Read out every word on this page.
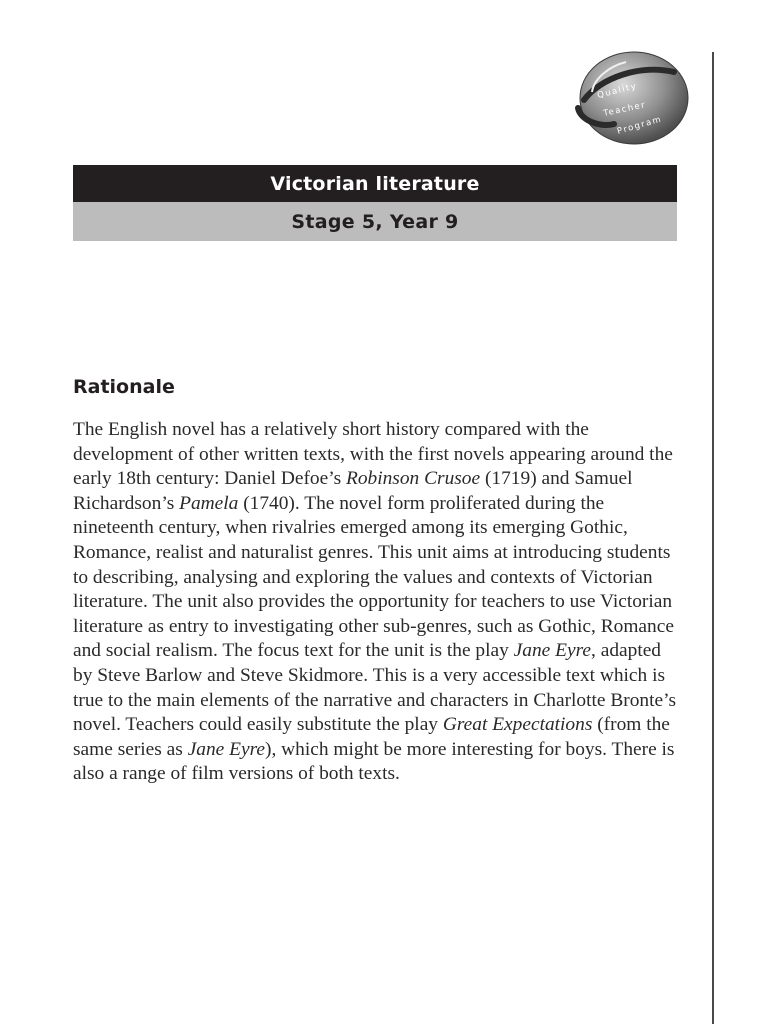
Quality
Teacher
Program
Victorian literature
Stage 5, Year 9
Rationale

The English novel has a relatively short history compared with the development of other written texts, with the first novels appearing around the early 18th century: Daniel Defoe’s Robinson Crusoe (1719) and Samuel Richardson’s Pamela (1740). The novel form proliferated during the nineteenth century, when rivalries emerged among its emerging Gothic, Romance, realist and naturalist genres. This unit aims at introducing students to describing, analysing and exploring the values and contexts of Victorian literature. The unit also provides the opportunity for teachers to use Victorian literature as entry to investigating other sub-genres, such as Gothic, Romance and social realism. The focus text for the unit is the play Jane Eyre, adapted by Steve Barlow and Steve Skidmore. This is a very accessible text which is true to the main elements of the narrative and characters in Charlotte Bronte’s novel. Teachers could easily substitute the play Great Expectations (from the same series as Jane Eyre), which might be more interesting for boys. There is also a range of film versions of both texts.
